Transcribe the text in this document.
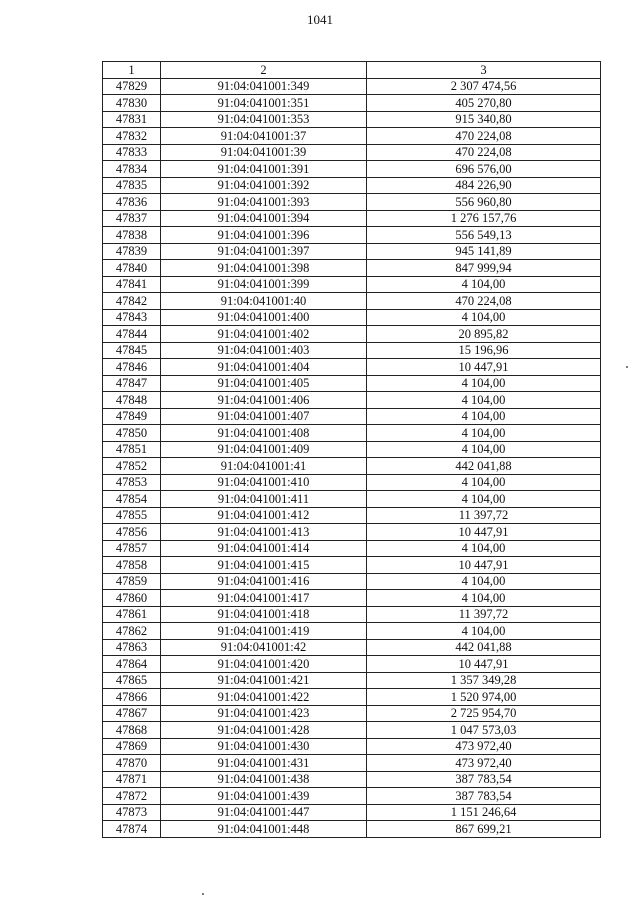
1041
1	2	3
47829	91:04:041001:349	2 307 474,56
47830	91:04:041001:351	405 270,80
47831	91:04:041001:353	915 340,80
47832	91:04:041001:37	470 224,08
47833	91:04:041001:39	470 224,08
47834	91:04:041001:391	696 576,00
47835	91:04:041001:392	484 226,90
47836	91:04:041001:393	556 960,80
47837	91:04:041001:394	1 276 157,76
47838	91:04:041001:396	556 549,13
47839	91:04:041001:397	945 141,89
47840	91:04:041001:398	847 999,94
47841	91:04:041001:399	4 104,00
47842	91:04:041001:40	470 224,08
47843	91:04:041001:400	4 104,00
47844	91:04:041001:402	20 895,82
47845	91:04:041001:403	15 196,96
47846	91:04:041001:404	10 447,91
47847	91:04:041001:405	4 104,00
47848	91:04:041001:406	4 104,00
47849	91:04:041001:407	4 104,00
47850	91:04:041001:408	4 104,00
47851	91:04:041001:409	4 104,00
47852	91:04:041001:41	442 041,88
47853	91:04:041001:410	4 104,00
47854	91:04:041001:411	4 104,00
47855	91:04:041001:412	11 397,72
47856	91:04:041001:413	10 447,91
47857	91:04:041001:414	4 104,00
47858	91:04:041001:415	10 447,91
47859	91:04:041001:416	4 104,00
47860	91:04:041001:417	4 104,00
47861	91:04:041001:418	11 397,72
47862	91:04:041001:419	4 104,00
47863	91:04:041001:42	442 041,88
47864	91:04:041001:420	10 447,91
47865	91:04:041001:421	1 357 349,28
47866	91:04:041001:422	1 520 974,00
47867	91:04:041001:423	2 725 954,70
47868	91:04:041001:428	1 047 573,03
47869	91:04:041001:430	473 972,40
47870	91:04:041001:431	473 972,40
47871	91:04:041001:438	387 783,54
47872	91:04:041001:439	387 783,54
47873	91:04:041001:447	1 151 246,64
47874	91:04:041001:448	867 699,21
